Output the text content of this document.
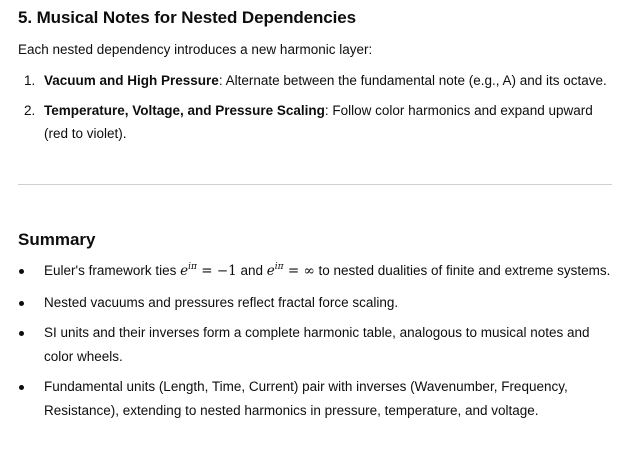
5. Musical Notes for Nested Dependencies

Each nested dependency introduces a new harmonic layer:

1. Vacuum and High Pressure: Alternate between the fundamental note (e.g., A) and its octave.
2. Temperature, Voltage, and Pressure Scaling: Follow color harmonics and expand upward (red to violet).
Summary
Euler's framework ties $e^{i\pi} = -1$ and $e^{i\pi}$ = ∞ to nested dualities of finite and extreme systems.
Nested vacuums and pressures reflect fractal force scaling.
SI units and their inverses form a complete harmonic table, analogous to musical notes and color wheels.
Fundamental units (Length, Time, Current) pair with inverses (Wavenumber, Frequency, Resistance), extending to nested harmonics in pressure, temperature, and voltage.
